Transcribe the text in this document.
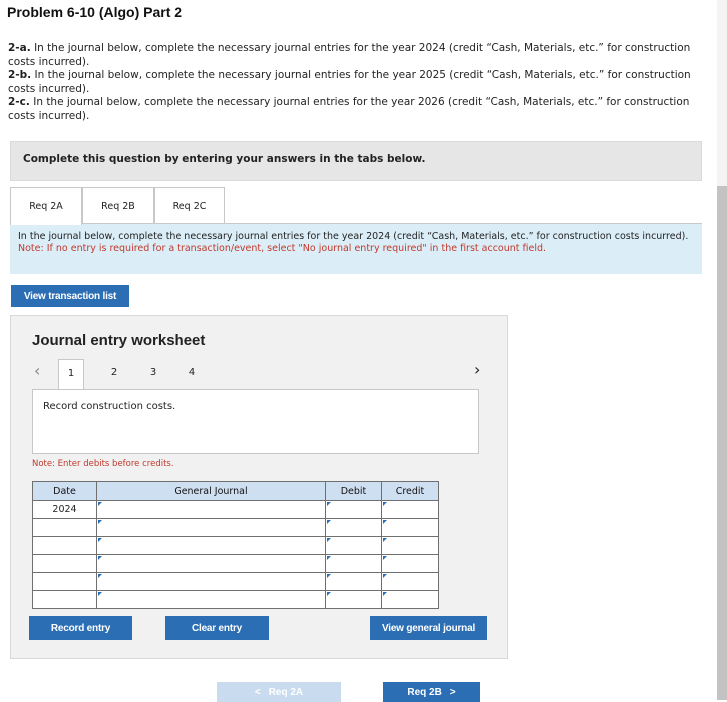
Problem 6-10 (Algo) Part 2
2-a. In the journal below, complete the necessary journal entries for the year 2024 (credit “Cash, Materials, etc.” for construction costs incurred).
2-b. In the journal below, complete the necessary journal entries for the year 2025 (credit “Cash, Materials, etc.” for construction costs incurred).
2-c. In the journal below, complete the necessary journal entries for the year 2026 (credit “Cash, Materials, etc.” for construction costs incurred).
Complete this question by entering your answers in the tabs below.
Req 2A	Req 2B	Req 2C
In the journal below, complete the necessary journal entries for the year 2024 (credit “Cash, Materials, etc.” for construction costs incurred).
Note: If no entry is required for a transaction/event, select "No journal entry required" in the first account field.
View transaction list
Journal entry worksheet
‹	1	2	3	4	›
Record construction costs.
Note: Enter debits before credits.
Date	General Journal	Debit	Credit
2024			

Record entry	Clear entry	View general journal
< Req 2A	Req 2B >
